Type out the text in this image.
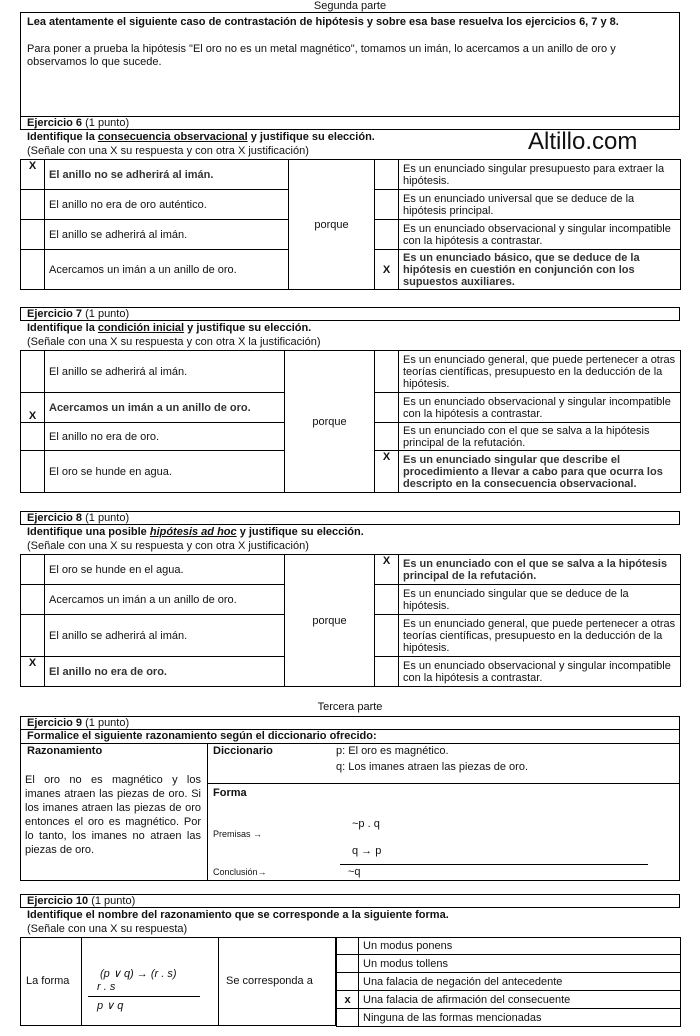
Segunda parte
Lea atentamente el siguiente caso de contrastación de hipótesis y sobre esa base resuelva los ejercicios 6, 7 y 8.
Para poner a prueba la hipótesis "El oro no es un metal magnético", tomamos un imán, lo acercamos a un anillo de oro y observamos lo que sucede.
Ejercicio 6 (1 punto)
Identifique la consecuencia observacional y justifique su elección.
(Señale con una X su respuesta y con otra X justificación)	Altillo.com
X	El anillo no se adherirá al imán.	porque		Es un enunciado singular presupuesto para extraer la hipótesis.
	El anillo no era de oro auténtico.			Es un enunciado universal que se deduce de la hipótesis principal.
	El anillo se adherirá al imán.			Es un enunciado observacional y singular incompatible con la hipótesis a contrastar.
	Acercamos un imán a un anillo de oro.		X	Es un enunciado básico, que se deduce de la hipótesis en cuestión en conjunción con los supuestos auxiliares.
Ejercicio 7 (1 punto)
Identifique la condición inicial y justifique su elección.
(Señale con una X su respuesta y con otra X la justificación)
	El anillo se adherirá al imán.	porque		Es un enunciado general, que puede pertenecer a otras teorías científicas, presupuesto en la deducción de la hipótesis.
X	Acercamos un imán a un anillo de oro.			Es un enunciado observacional y singular incompatible con la hipótesis a contrastar.
	El anillo no era de oro.			Es un enunciado con el que se salva a la hipótesis principal de la refutación.
	El oro se hunde en agua.		X	Es un enunciado singular que describe el procedimiento a llevar a cabo para que ocurra los descripto en la consecuencia observacional.
Ejercicio 8 (1 punto)
Identifique una posible hipótesis ad hoc y justifique su elección.
(Señale con una X su respuesta y con otra X justificación)
	El oro se hunde en el agua.	porque	X	Es un enunciado con el que se salva a la hipótesis principal de la refutación.
	Acercamos un imán a un anillo de oro.			Es un enunciado singular que se deduce de la hipótesis.
	El anillo se adherirá al imán.			Es un enunciado general, que puede pertenecer a otras teorías científicas, presupuesto en la deducción de la hipótesis.
X	El anillo no era de oro.			Es un enunciado observacional y singular incompatible con la hipótesis a contrastar.
Tercera parte
Ejercicio 9 (1 punto)
Formalice el siguiente razonamiento según el diccionario ofrecido:
Razonamiento
El oro no es magnético y los imanes atraen las piezas de oro. Si los imanes atraen las piezas de oro entonces el oro es magnético. Por lo tanto, los imanes no atraen las piezas de oro.
Diccionario	p: El oro es magnético.
q: Los imanes atraen las piezas de oro.
Forma
Premisas →
~p . q
q → p
Conclusión→	~q
Ejercicio 10 (1 punto)
Identifique el nombre del razonamiento que se corresponde a la siguiente forma.
(Señale con una X su respuesta)
La forma
(p ∨ q) → (r . s)
r . s
p ∨ q
Se corresponda a
	Un modus ponens
	Un modus tollens
	Una falacia de negación del antecedente
x	Una falacia de afirmación del consecuente
	Ninguna de las formas mencionadas
